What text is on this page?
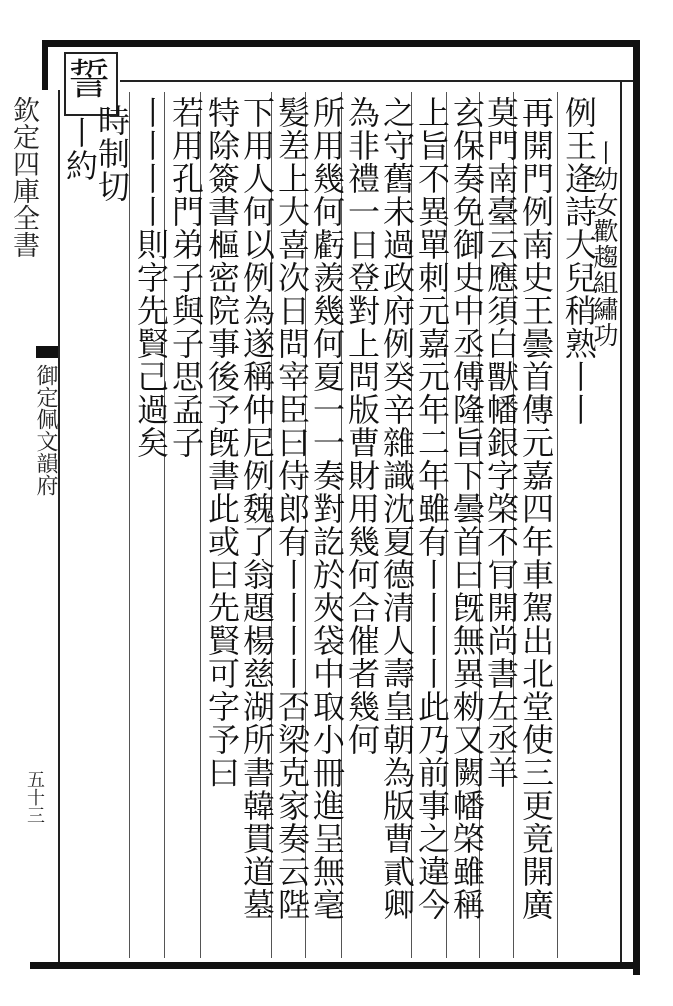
誓
例王逄詩大兒稍熟丨丨
丨幼女歡趨組繡功
再開門例南史王曇首傳元嘉四年車駕出北堂使三更竟開廣
莫門南臺云應須白獸幡銀字棨不肎開尚書左丞羊
玄保奏免御史中丞傅隆旨下曇首曰旣無異勑又闕幡棨雖稱
上旨不異單刺元嘉元年二年雖有丨丨丨丨此乃前事之違今
之守舊未過政府例癸辛雜識沈夏德清人壽皇朝為版曹貳卿
為非禮一日登對上問版曹財用幾何合催者幾何
所用幾何虧羨幾何夏一一奏對訖於夾袋中取小冊進呈無毫
髪差上大喜次日問宰臣曰侍郎有丨丨丨丨否梁克家奏云陛
下用人何以例為遂稱仲尼例魏了翁題楊慈湖所書韓貫道墓
特除簽書樞密院事後予旣書此或曰先賢可字予曰
丨丨丨丨則字先賢己過矣
若用孔門弟子與子思孟子
時制切
丨約
欽定四庫全書
御定佩文韻府
五十三
